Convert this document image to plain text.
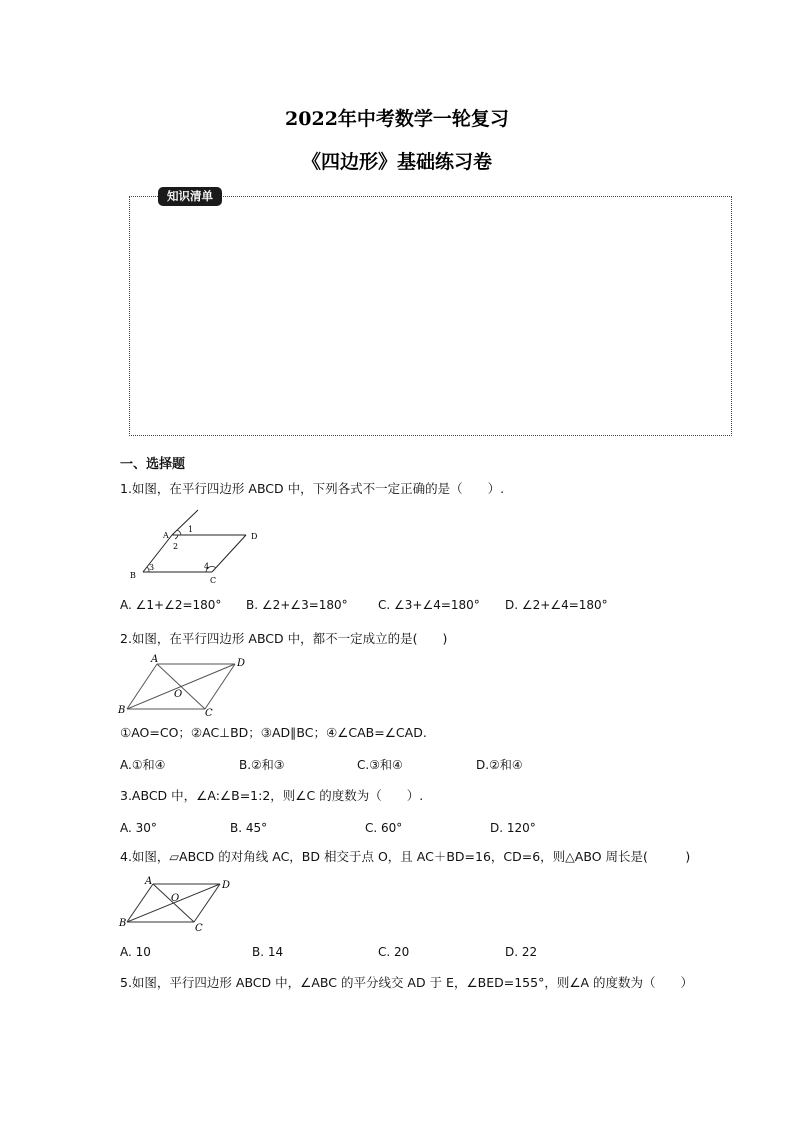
2022年中考数学一轮复习
《四边形》基础练习卷
知识清单
一、选择题
1.如图，在平行四边形 ABCD 中，下列各式不一定正确的是（　　）.
A
B
C
D
1
2
3	4
A. ∠1+∠2=180° B. ∠2+∠3=180°	C. ∠3+∠4=180° D. ∠2+∠4=180°
2.如图，在平行四边形 ABCD 中，都不一定成立的是(　　)
A
B	C
D
O
①AO=CO；②AC⊥BD；③AD∥BC；④∠CAB=∠CAD.
A.①和④	B.②和③	C.③和④	D.②和④
3.ABCD 中，∠A:∠B=1:2，则∠C 的度数为（　　）.
A. 30°	B. 45°	C. 60°	D. 120°
4.如图，▱ABCD 的对角线 AC，BD 相交于点 O，且 AC＋BD=16，CD=6，则△ABO 周长是(　　　)
A
B	C
D
O
A. 10	B. 14	C. 20	D. 22
5.如图，平行四边形 ABCD 中，∠ABC 的平分线交 AD 于 E，∠BED=155°，则∠A 的度数为（　　）
